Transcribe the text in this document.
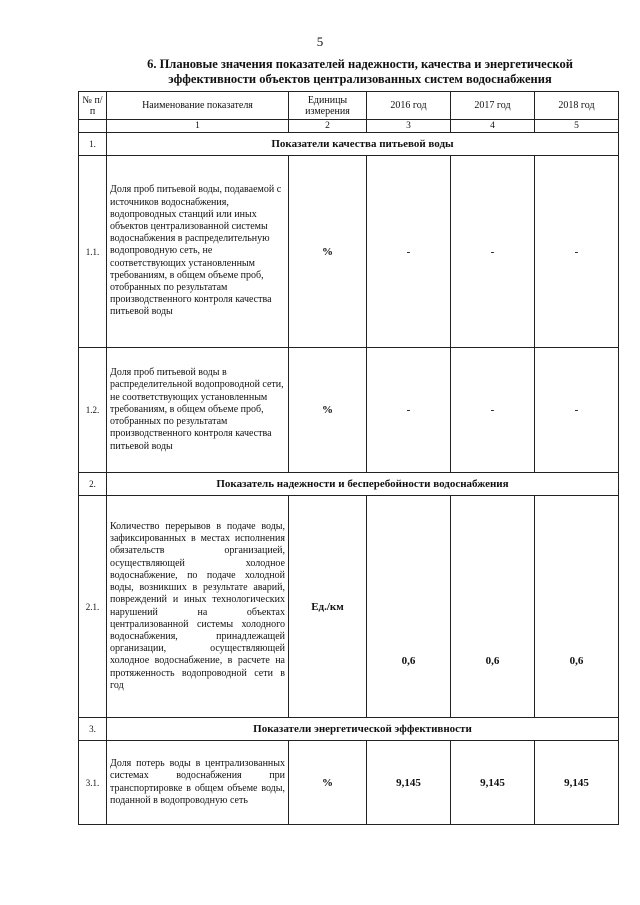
5
6. Плановые значения показателей надежности, качества и энергетической
эффективности объектов централизованных систем водоснабжения
№ п/п	Наименование показателя	Единицы измерения	2016 год	2017 год	2018 год
	1	2	3	4	5
1.	Показатели качества питьевой воды				
1.1.	Доля проб питьевой воды, подаваемой с источников водоснабжения, водопроводных станций или иных объектов централизованной системы водоснабжения в распределительную водопроводную сеть, не соответствующих установленным требованиям, в общем объеме проб, отобранных по результатам производственного контроля качества питьевой воды	%	-	-	-
1.2.	Доля проб питьевой воды в распределительной водопроводной сети, не соответствующих установленным требованиям, в общем объеме проб, отобранных по результатам производственного контроля качества питьевой воды	%	-	-	-
2.	Показатель надежности и бесперебойности водоснабжения				
2.1.	Количество перерывов в подаче воды, зафиксированных в местах исполнения обязательств организацией, осуществляющей холодное водоснабжение, по подаче холодной воды, возникших в результате аварий, повреждений и иных технологических нарушений на объектах централизованной системы холодного водоснабжения, принадлежащей организации, осуществляющей холодное водоснабжение, в расчете на протяженность водопроводной сети в год	Ед./км	0,6	0,6	0,6
3.	Показатели энергетической эффективности				
3.1.	Доля потерь воды в централизованных системах водоснабжения при транспортировке в общем объеме воды, поданной в водопроводную сеть	%	9,145	9,145	9,145
